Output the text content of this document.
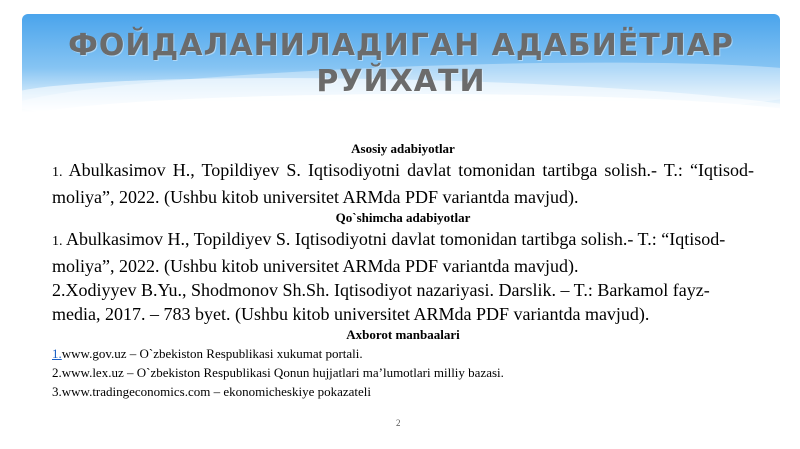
ФОЙДАЛАНИЛАДИГАН АДАБИЁТЛАР
РУЙХАТИ
Asosiy adabiyotlar
1. Abulkasimov H., Topildiyev S. Iqtisodiyotni davlat tomonidan tartibga solish.- T.: “Iqtisod-moliya”, 2022. (Ushbu kitob universitet ARMda PDF variantda mavjud).
Qo`shimcha adabiyotlar
1. Abulkasimov H., Topildiyev S. Iqtisodiyotni davlat tomonidan tartibga solish.- T.: “Iqtisod-moliya”, 2022. (Ushbu kitob universitet ARMda PDF variantda mavjud).
2.Xodiyyev B.Yu., Shodmonov Sh.Sh. Iqtisodiyot nazariyasi. Darslik. – T.: Barkamol fayz- media, 2017. – 783 byet. (Ushbu kitob universitet ARMda PDF variantda mavjud).
Axborot manbaalari
1.www.gov.uz – O`zbekiston Respublikasi xukumat portali.
2.www.lex.uz – O`zbekiston Respublikasi Qonun hujjatlari ma’lumotlari milliy bazasi.
3.www.tradingeconomics.com – ekonomicheskiye pokazateli
2
